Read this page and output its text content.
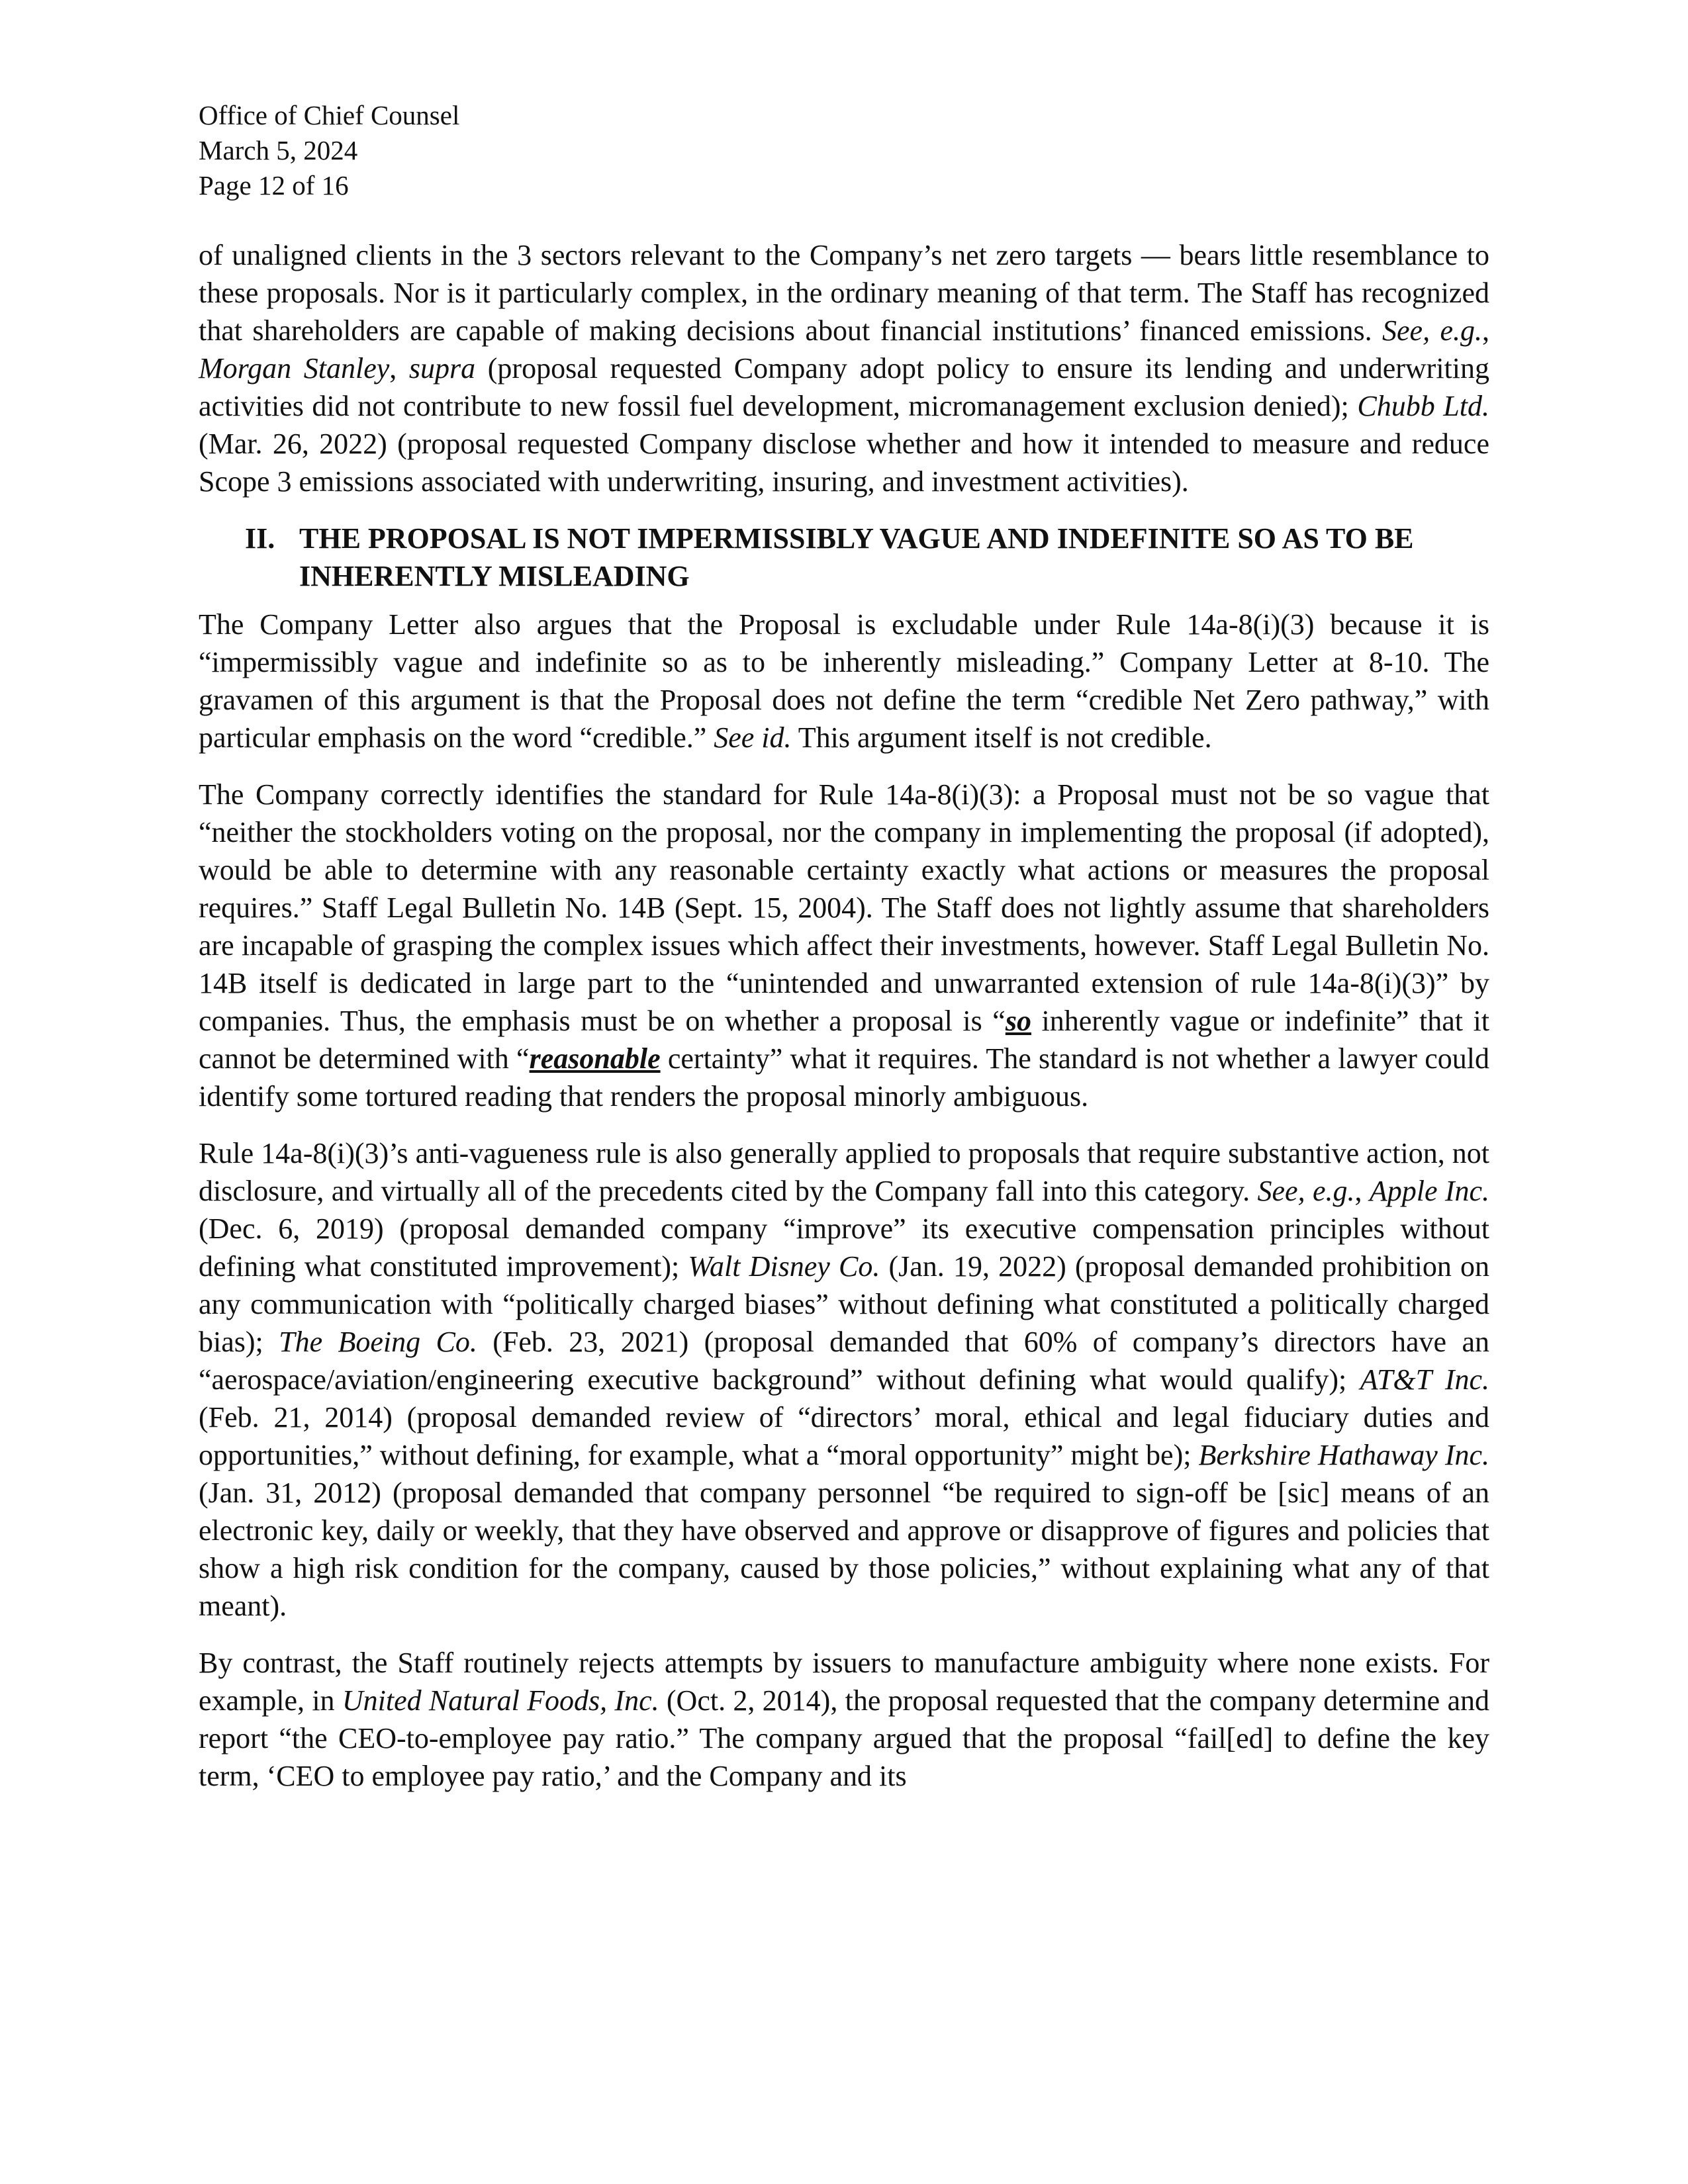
Office of Chief Counsel
March 5, 2024
Page 12 of 16

of unaligned clients in the 3 sectors relevant to the Company’s net zero targets — bears little resemblance to these proposals. Nor is it particularly complex, in the ordinary meaning of that term. The Staff has recognized that shareholders are capable of making decisions about financial institutions’ financed emissions. See, e.g., Morgan Stanley, supra (proposal requested Company adopt policy to ensure its lending and underwriting activities did not contribute to new fossil fuel development, micromanagement exclusion denied); Chubb Ltd. (Mar. 26, 2022) (proposal requested Company disclose whether and how it intended to measure and reduce Scope 3 emissions associated with underwriting, insuring, and investment activities).

II. THE PROPOSAL IS NOT IMPERMISSIBLY VAGUE AND INDEFINITE SO AS TO BE INHERENTLY MISLEADING

The Company Letter also argues that the Proposal is excludable under Rule 14a-8(i)(3) because it is “impermissibly vague and indefinite so as to be inherently misleading.” Company Letter at 8-10. The gravamen of this argument is that the Proposal does not define the term “credible Net Zero pathway,” with particular emphasis on the word “credible.” See id. This argument itself is not credible.

The Company correctly identifies the standard for Rule 14a-8(i)(3): a Proposal must not be so vague that “neither the stockholders voting on the proposal, nor the company in implementing the proposal (if adopted), would be able to determine with any reasonable certainty exactly what actions or measures the proposal requires.” Staff Legal Bulletin No. 14B (Sept. 15, 2004). The Staff does not lightly assume that shareholders are incapable of grasping the complex issues which affect their investments, however. Staff Legal Bulletin No. 14B itself is dedicated in large part to the “unintended and unwarranted extension of rule 14a-8(i)(3)” by companies. Thus, the emphasis must be on whether a proposal is “so inherently vague or indefinite” that it cannot be determined with “reasonable certainty” what it requires. The standard is not whether a lawyer could identify some tortured reading that renders the proposal minorly ambiguous.

Rule 14a-8(i)(3)’s anti-vagueness rule is also generally applied to proposals that require substantive action, not disclosure, and virtually all of the precedents cited by the Company fall into this category. See, e.g., Apple Inc. (Dec. 6, 2019) (proposal demanded company “improve” its executive compensation principles without defining what constituted improvement); Walt Disney Co. (Jan. 19, 2022) (proposal demanded prohibition on any communication with “politically charged biases” without defining what constituted a politically charged bias); The Boeing Co. (Feb. 23, 2021) (proposal demanded that 60% of company’s directors have an “aerospace/aviation/engineering executive background” without defining what would qualify); AT&T Inc. (Feb. 21, 2014) (proposal demanded review of “directors’ moral, ethical and legal fiduciary duties and opportunities,” without defining, for example, what a “moral opportunity” might be); Berkshire Hathaway Inc. (Jan. 31, 2012) (proposal demanded that company personnel “be required to sign-off be [sic] means of an electronic key, daily or weekly, that they have observed and approve or disapprove of figures and policies that show a high risk condition for the company, caused by those policies,” without explaining what any of that meant).

By contrast, the Staff routinely rejects attempts by issuers to manufacture ambiguity where none exists. For example, in United Natural Foods, Inc. (Oct. 2, 2014), the proposal requested that the company determine and report “the CEO-to-employee pay ratio.” The company argued that the proposal “fail[ed] to define the key term, ‘CEO to employee pay ratio,’ and the Company and its
